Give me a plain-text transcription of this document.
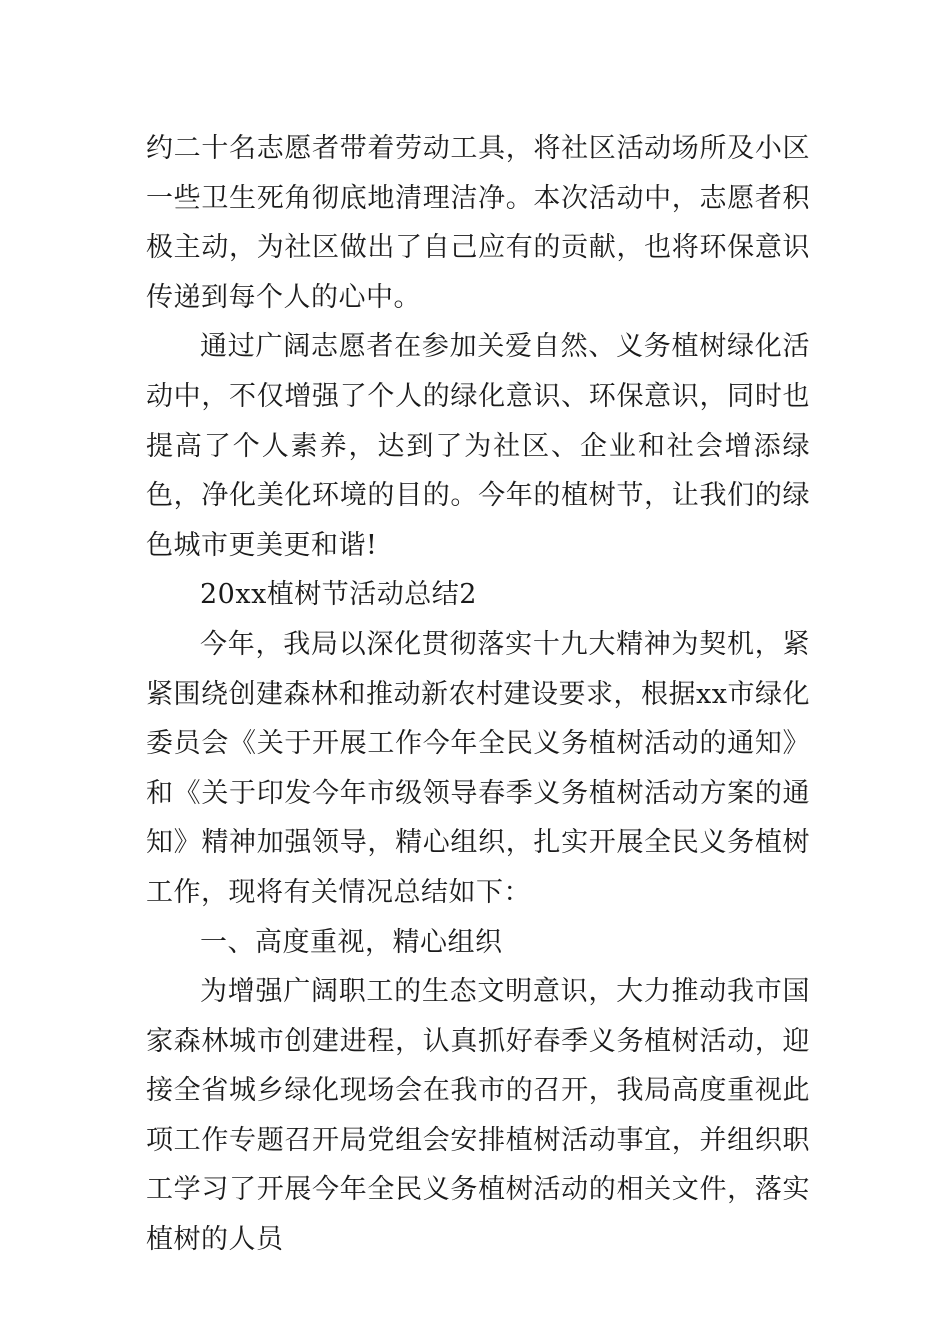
约二十名志愿者带着劳动工具，将社区活动场所及小区一些卫生死角彻底地清理洁净。本次活动中，志愿者积极主动，为社区做出了自己应有的贡献，也将环保意识传递到每个人的心中。

通过广阔志愿者在参加关爱自然、义务植树绿化活动中，不仅增强了个人的绿化意识、环保意识，同时也提高了个人素养，达到了为社区、企业和社会增添绿色，净化美化环境的目的。今年的植树节，让我们的绿色城市更美更和谐!

20xx植树节活动总结2

今年，我局以深化贯彻落实十九大精神为契机，紧紧围绕创建森林和推动新农村建设要求，根据xx市绿化委员会《关于开展工作今年全民义务植树活动的通知》和《关于印发今年市级领导春季义务植树活动方案的通知》精神加强领导，精心组织，扎实开展全民义务植树工作，现将有关情况总结如下：

一、高度重视，精心组织

为增强广阔职工的生态文明意识，大力推动我市国家森林城市创建进程，认真抓好春季义务植树活动，迎接全省城乡绿化现场会在我市的召开，我局高度重视此项工作专题召开局党组会安排植树活动事宜，并组织职工学习了开展今年全民义务植树活动的相关文件，落实植树的人员
